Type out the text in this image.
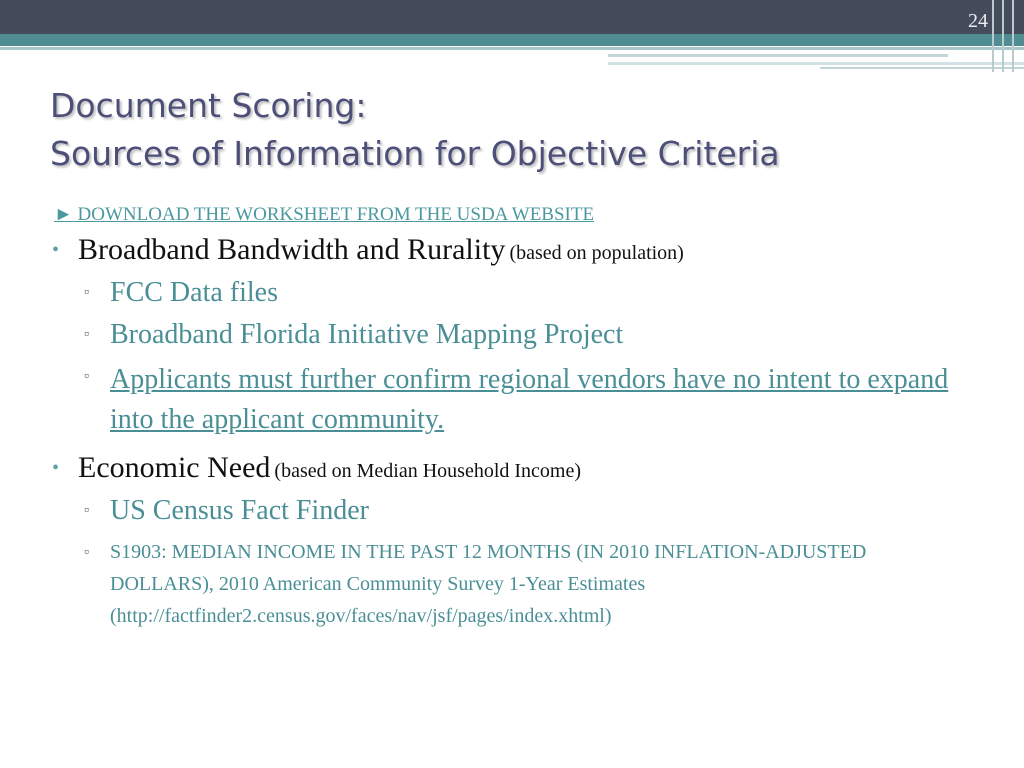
24
Document Scoring:
Sources of Information for Objective Criteria
► DOWNLOAD THE WORKSHEET FROM THE USDA WEBSITE
• Broadband Bandwidth and Rurality (based on population)
▫ FCC Data files
▫ Broadband Florida Initiative Mapping Project
▫ Applicants must further confirm regional vendors have no intent to expand into the applicant community.
• Economic Need (based on Median Household Income)
▫ US Census Fact Finder
▫ S1903: MEDIAN INCOME IN THE PAST 12 MONTHS (IN 2010 INFLATION-ADJUSTED DOLLARS), 2010 American Community Survey 1-Year Estimates (http://factfinder2.census.gov/faces/nav/jsf/pages/index.xhtml)
